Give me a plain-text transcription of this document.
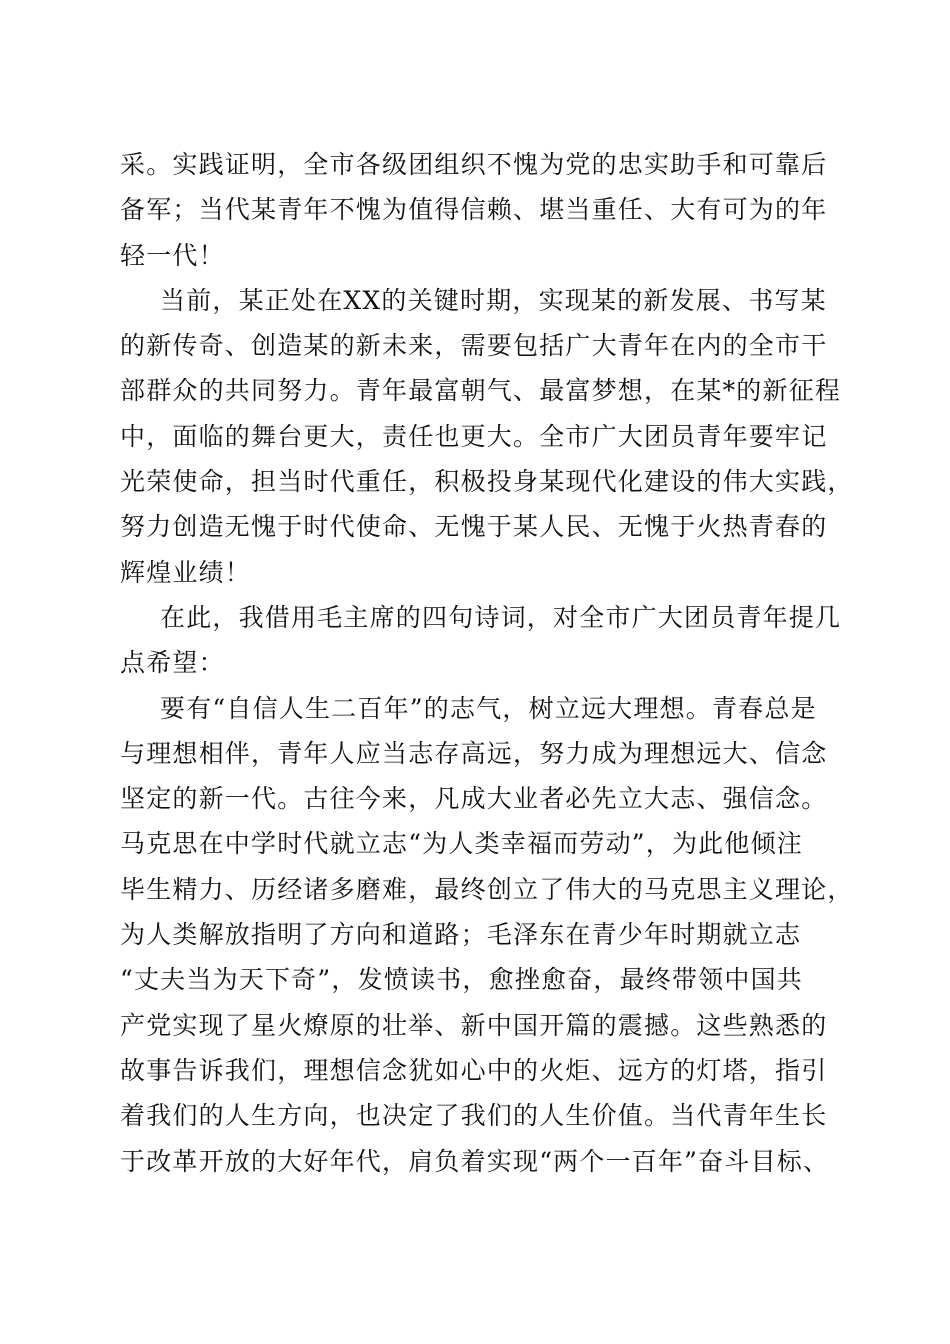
采。实践证明，全市各级团组织不愧为党的忠实助手和可靠后
备军；当代某青年不愧为值得信赖、堪当重任、大有可为的年
轻一代！
当前，某正处在XX的关键时期，实现某的新发展、书写某
的新传奇、创造某的新未来，需要包括广大青年在内的全市干
部群众的共同努力。青年最富朝气、最富梦想，在某*的新征程
中，面临的舞台更大，责任也更大。全市广大团员青年要牢记
光荣使命，担当时代重任，积极投身某现代化建设的伟大实践，
努力创造无愧于时代使命、无愧于某人民、无愧于火热青春的
辉煌业绩！
在此，我借用毛主席的四句诗词，对全市广大团员青年提几
点希望：
要有“自信人生二百年”的志气，树立远大理想。青春总是
与理想相伴，青年人应当志存高远，努力成为理想远大、信念
坚定的新一代。古往今来，凡成大业者必先立大志、强信念。
马克思在中学时代就立志“为人类幸福而劳动”，为此他倾注
毕生精力、历经诸多磨难，最终创立了伟大的马克思主义理论，
为人类解放指明了方向和道路；毛泽东在青少年时期就立志
“丈夫当为天下奇”，发愤读书，愈挫愈奋，最终带领中国共
产党实现了星火燎原的壮举、新中国开篇的震撼。这些熟悉的
故事告诉我们，理想信念犹如心中的火炬、远方的灯塔，指引
着我们的人生方向，也决定了我们的人生价值。当代青年生长
于改革开放的大好年代，肩负着实现“两个一百年”奋斗目标、
